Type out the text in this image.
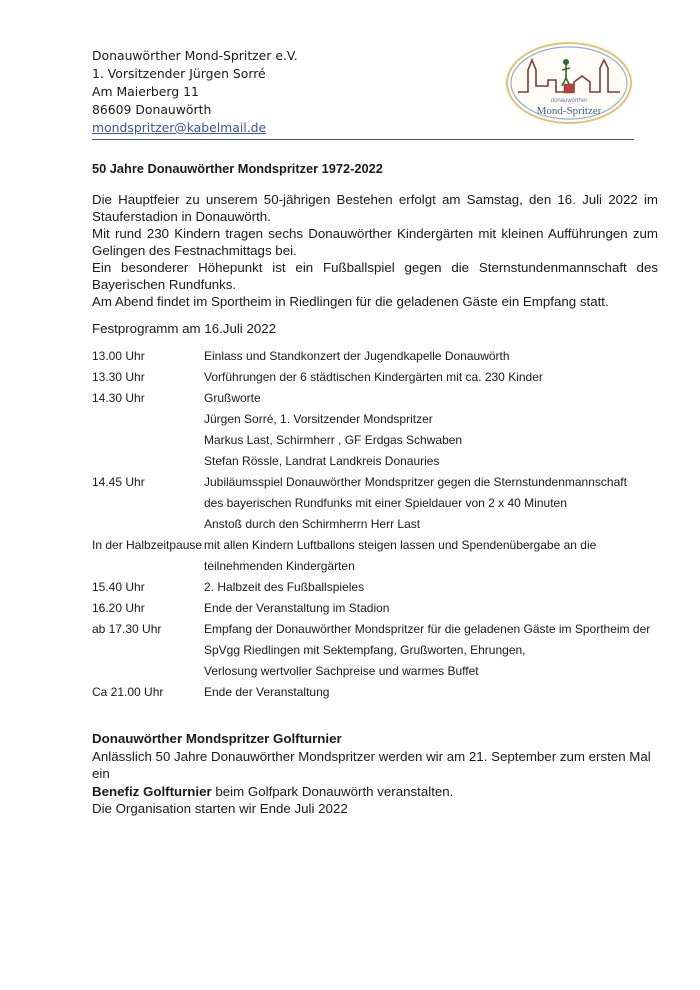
Donauwörther Mond-Spritzer e.V.
1. Vorsitzender Jürgen Sorré
Am Maierberg 11
86609 Donauwörth
mondspritzer@kabelmail.de
donauwörther
Mond-Spritzer
50 Jahre Donauwörther Mondspritzer 1972-2022

Die Hauptfeier zu unserem 50-jährigen Bestehen erfolgt am Samstag, den 16. Juli 2022 im Stauferstadion in Donauwörth.

Mit rund 230 Kindern tragen sechs Donauwörther Kindergärten mit kleinen Aufführungen zum Gelingen des Festnachmittags bei.

Ein besonderer Höhepunkt ist ein Fußballspiel gegen die Sternstundenmannschaft des Bayerischen Rundfunks.

Am Abend findet im Sportheim in Riedlingen für die geladenen Gäste ein Empfang statt.

Festprogramm am 16.Juli 2022
13.00 Uhr	Einlass und Standkonzert der Jugendkapelle Donauwörth
13.30 Uhr	Vorführungen der 6 städtischen Kindergärten mit ca. 230 Kinder
14.30 Uhr	Grußworte
Jürgen Sorré, 1. Vorsitzender Mondspritzer
Markus Last, Schirmherr , GF Erdgas Schwaben
Stefan Rössle, Landrat Landkreis Donauries
14.45 Uhr	Jubiläumsspiel Donauwörther Mondspritzer gegen die Sternstundenmannschaft
des bayerischen Rundfunks mit einer Spieldauer von 2 x 40 Minuten
Anstoß durch den Schirmherrn Herr Last
In der Halbzeitpause mit allen Kindern Luftballons steigen lassen und Spendenübergabe an die
teilnehmenden Kindergärten
15.40 Uhr	2. Halbzeit des Fußballspieles
16.20 Uhr	Ende der Veranstaltung im Stadion
ab 17.30 Uhr	Empfang der Donauwörther Mondspritzer für die geladenen Gäste im Sportheim der
SpVgg Riedlingen mit Sektempfang, Grußworten, Ehrungen,
Verlosung wertvoller Sachpreise und warmes Buffet
Ca 21.00 Uhr	Ende der Veranstaltung

Donauwörther Mondspritzer Golfturnier

Anlässlich 50 Jahre Donauwörther Mondspritzer werden wir am 21. September zum ersten Mal ein

Benefiz Golfturnier beim Golfpark Donauwörth veranstalten.

Die Organisation starten wir Ende Juli 2022
